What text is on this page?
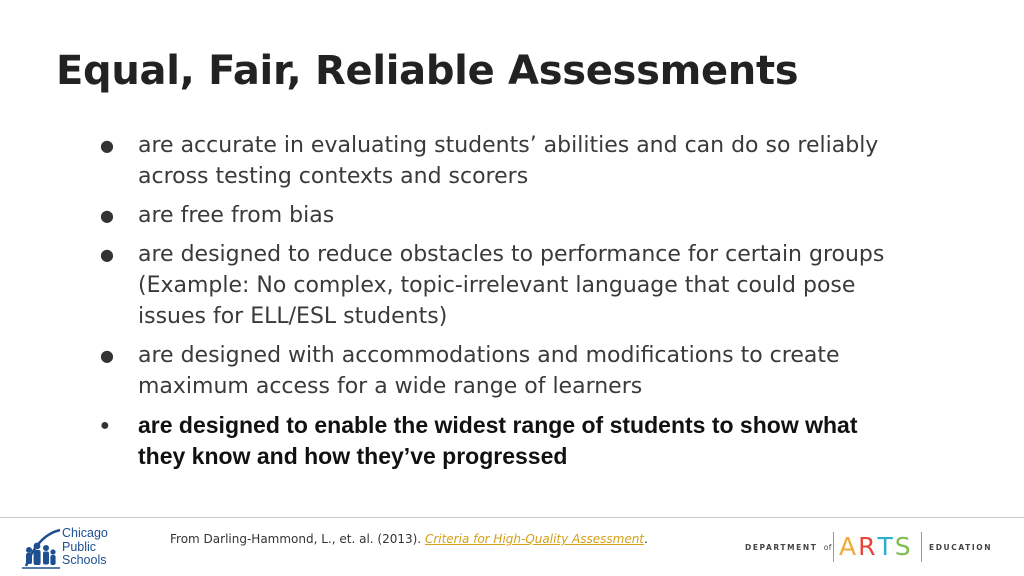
Equal, Fair, Reliable Assessments
● are accurate in evaluating students’ abilities and can do so reliably across testing contexts and scorers
● are free from bias
● are designed to reduce obstacles to performance for certain groups (Example: No complex, topic-irrelevant language that could pose issues for ELL/ESL students)
● are designed with accommodations and modifications to create maximum access for a wide range of learners
● are designed to enable the widest range of students to show what they know and how they’ve progressed
Chicago
Public
Schools
From Darling-Hammond, L., et. al. (2013). Criteria for High-Quality Assessment.
DEPARTMENT of ARTS EDUCATION
